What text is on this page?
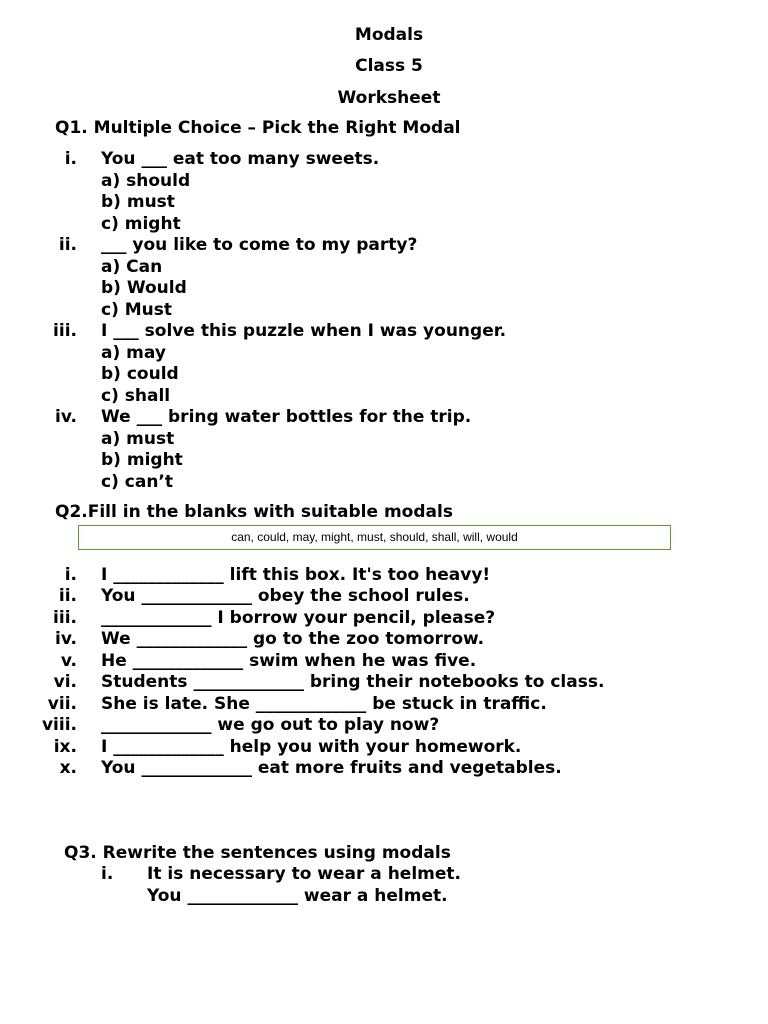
Modals
Class 5
Worksheet
Q1. Multiple Choice – Pick the Right Modal
i. You ___ eat too many sweets.
a) should
b) must
c) might
ii. ___ you like to come to my party?
a) Can
b) Would
c) Must
iii. I ___ solve this puzzle when I was younger.
a) may
b) could
c) shall
iv. We ___ bring water bottles for the trip.
a) must
b) might
c) can’t
Q2.Fill in the blanks with suitable modals
can, could, may, might, must, should, shall, will, would
i. I _____________ lift this box. It's too heavy!
ii. You _____________ obey the school rules.
iii. _____________ I borrow your pencil, please?
iv. We _____________ go to the zoo tomorrow.
v. He _____________ swim when he was five.
vi. Students _____________ bring their notebooks to class.
vii. She is late. She _____________ be stuck in traffic.
viii. _____________ we go out to play now?
ix. I _____________ help you with your homework.
x. You _____________ eat more fruits and vegetables.
Q3. Rewrite the sentences using modals
i. It is necessary to wear a helmet.
You _____________ wear a helmet.
